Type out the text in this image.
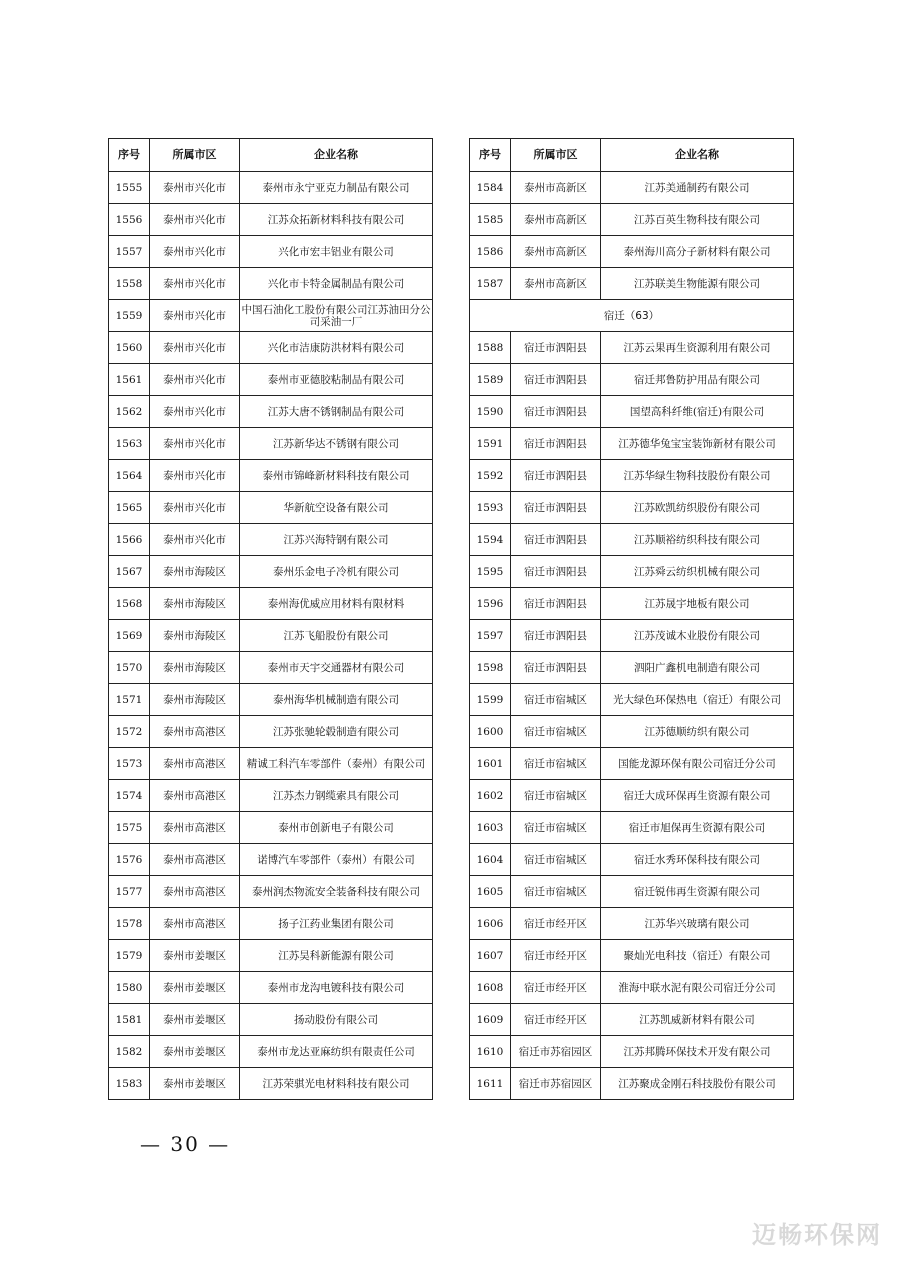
序号	所属市区	企业名称
1555	泰州市兴化市	泰州市永宁亚克力制品有限公司
1556	泰州市兴化市	江苏众拓新材料科技有限公司
1557	泰州市兴化市	兴化市宏丰铝业有限公司
1558	泰州市兴化市	兴化市卡特金属制品有限公司
1559	泰州市兴化市	中国石油化工股份有限公司江苏油田分公司采油一厂
1560	泰州市兴化市	兴化市洁康防洪材料有限公司
1561	泰州市兴化市	泰州市亚德胶粘制品有限公司
1562	泰州市兴化市	江苏大唐不锈钢制品有限公司
1563	泰州市兴化市	江苏新华达不锈钢有限公司
1564	泰州市兴化市	泰州市锦峰新材料科技有限公司
1565	泰州市兴化市	华新航空设备有限公司
1566	泰州市兴化市	江苏兴海特钢有限公司
1567	泰州市海陵区	泰州乐金电子冷机有限公司
1568	泰州市海陵区	泰州海优威应用材料有限材料
1569	泰州市海陵区	江苏飞船股份有限公司
1570	泰州市海陵区	泰州市天宇交通器材有限公司
1571	泰州市海陵区	泰州海华机械制造有限公司
1572	泰州市高港区	江苏张驰轮毂制造有限公司
1573	泰州市高港区	精诚工科汽车零部件（泰州）有限公司
1574	泰州市高港区	江苏杰力钢缆索具有限公司
1575	泰州市高港区	泰州市创新电子有限公司
1576	泰州市高港区	诺博汽车零部件（泰州）有限公司
1577	泰州市高港区	泰州润杰物流安全装备科技有限公司
1578	泰州市高港区	扬子江药业集团有限公司
1579	泰州市姜堰区	江苏昊科新能源有限公司
1580	泰州市姜堰区	泰州市龙沟电镀科技有限公司
1581	泰州市姜堰区	扬动股份有限公司
1582	泰州市姜堰区	泰州市龙达亚麻纺织有限责任公司
1583	泰州市姜堰区	江苏荣骐光电材料科技有限公司
序号	所属市区	企业名称
1584	泰州市高新区	江苏美通制药有限公司
1585	泰州市高新区	江苏百英生物科技有限公司
1586	泰州市高新区	泰州海川高分子新材料有限公司
1587	泰州市高新区	江苏联美生物能源有限公司
宿迁（63）		
1588	宿迁市泗阳县	江苏云果再生资源利用有限公司
1589	宿迁市泗阳县	宿迁邦鲁防护用品有限公司
1590	宿迁市泗阳县	国望高科纤维(宿迁)有限公司
1591	宿迁市泗阳县	江苏德华兔宝宝装饰新材有限公司
1592	宿迁市泗阳县	江苏华绿生物科技股份有限公司
1593	宿迁市泗阳县	江苏欧凯纺织股份有限公司
1594	宿迁市泗阳县	江苏顺裕纺织科技有限公司
1595	宿迁市泗阳县	江苏舜云纺织机械有限公司
1596	宿迁市泗阳县	江苏晟宇地板有限公司
1597	宿迁市泗阳县	江苏茂诚木业股份有限公司
1598	宿迁市泗阳县	泗阳广鑫机电制造有限公司
1599	宿迁市宿城区	光大绿色环保热电（宿迁）有限公司
1600	宿迁市宿城区	江苏德顺纺织有限公司
1601	宿迁市宿城区	国能龙源环保有限公司宿迁分公司
1602	宿迁市宿城区	宿迁大成环保再生资源有限公司
1603	宿迁市宿城区	宿迁市旭保再生资源有限公司
1604	宿迁市宿城区	宿迁水秀环保科技有限公司
1605	宿迁市宿城区	宿迁锐伟再生资源有限公司
1606	宿迁市经开区	江苏华兴玻璃有限公司
1607	宿迁市经开区	聚灿光电科技（宿迁）有限公司
1608	宿迁市经开区	淮海中联水泥有限公司宿迁分公司
1609	宿迁市经开区	江苏凯威新材料有限公司
1610	宿迁市苏宿园区	江苏邦腾环保技术开发有限公司
1611	宿迁市苏宿园区	江苏聚成金刚石科技股份有限公司
— 30 —
迈畅环保网
